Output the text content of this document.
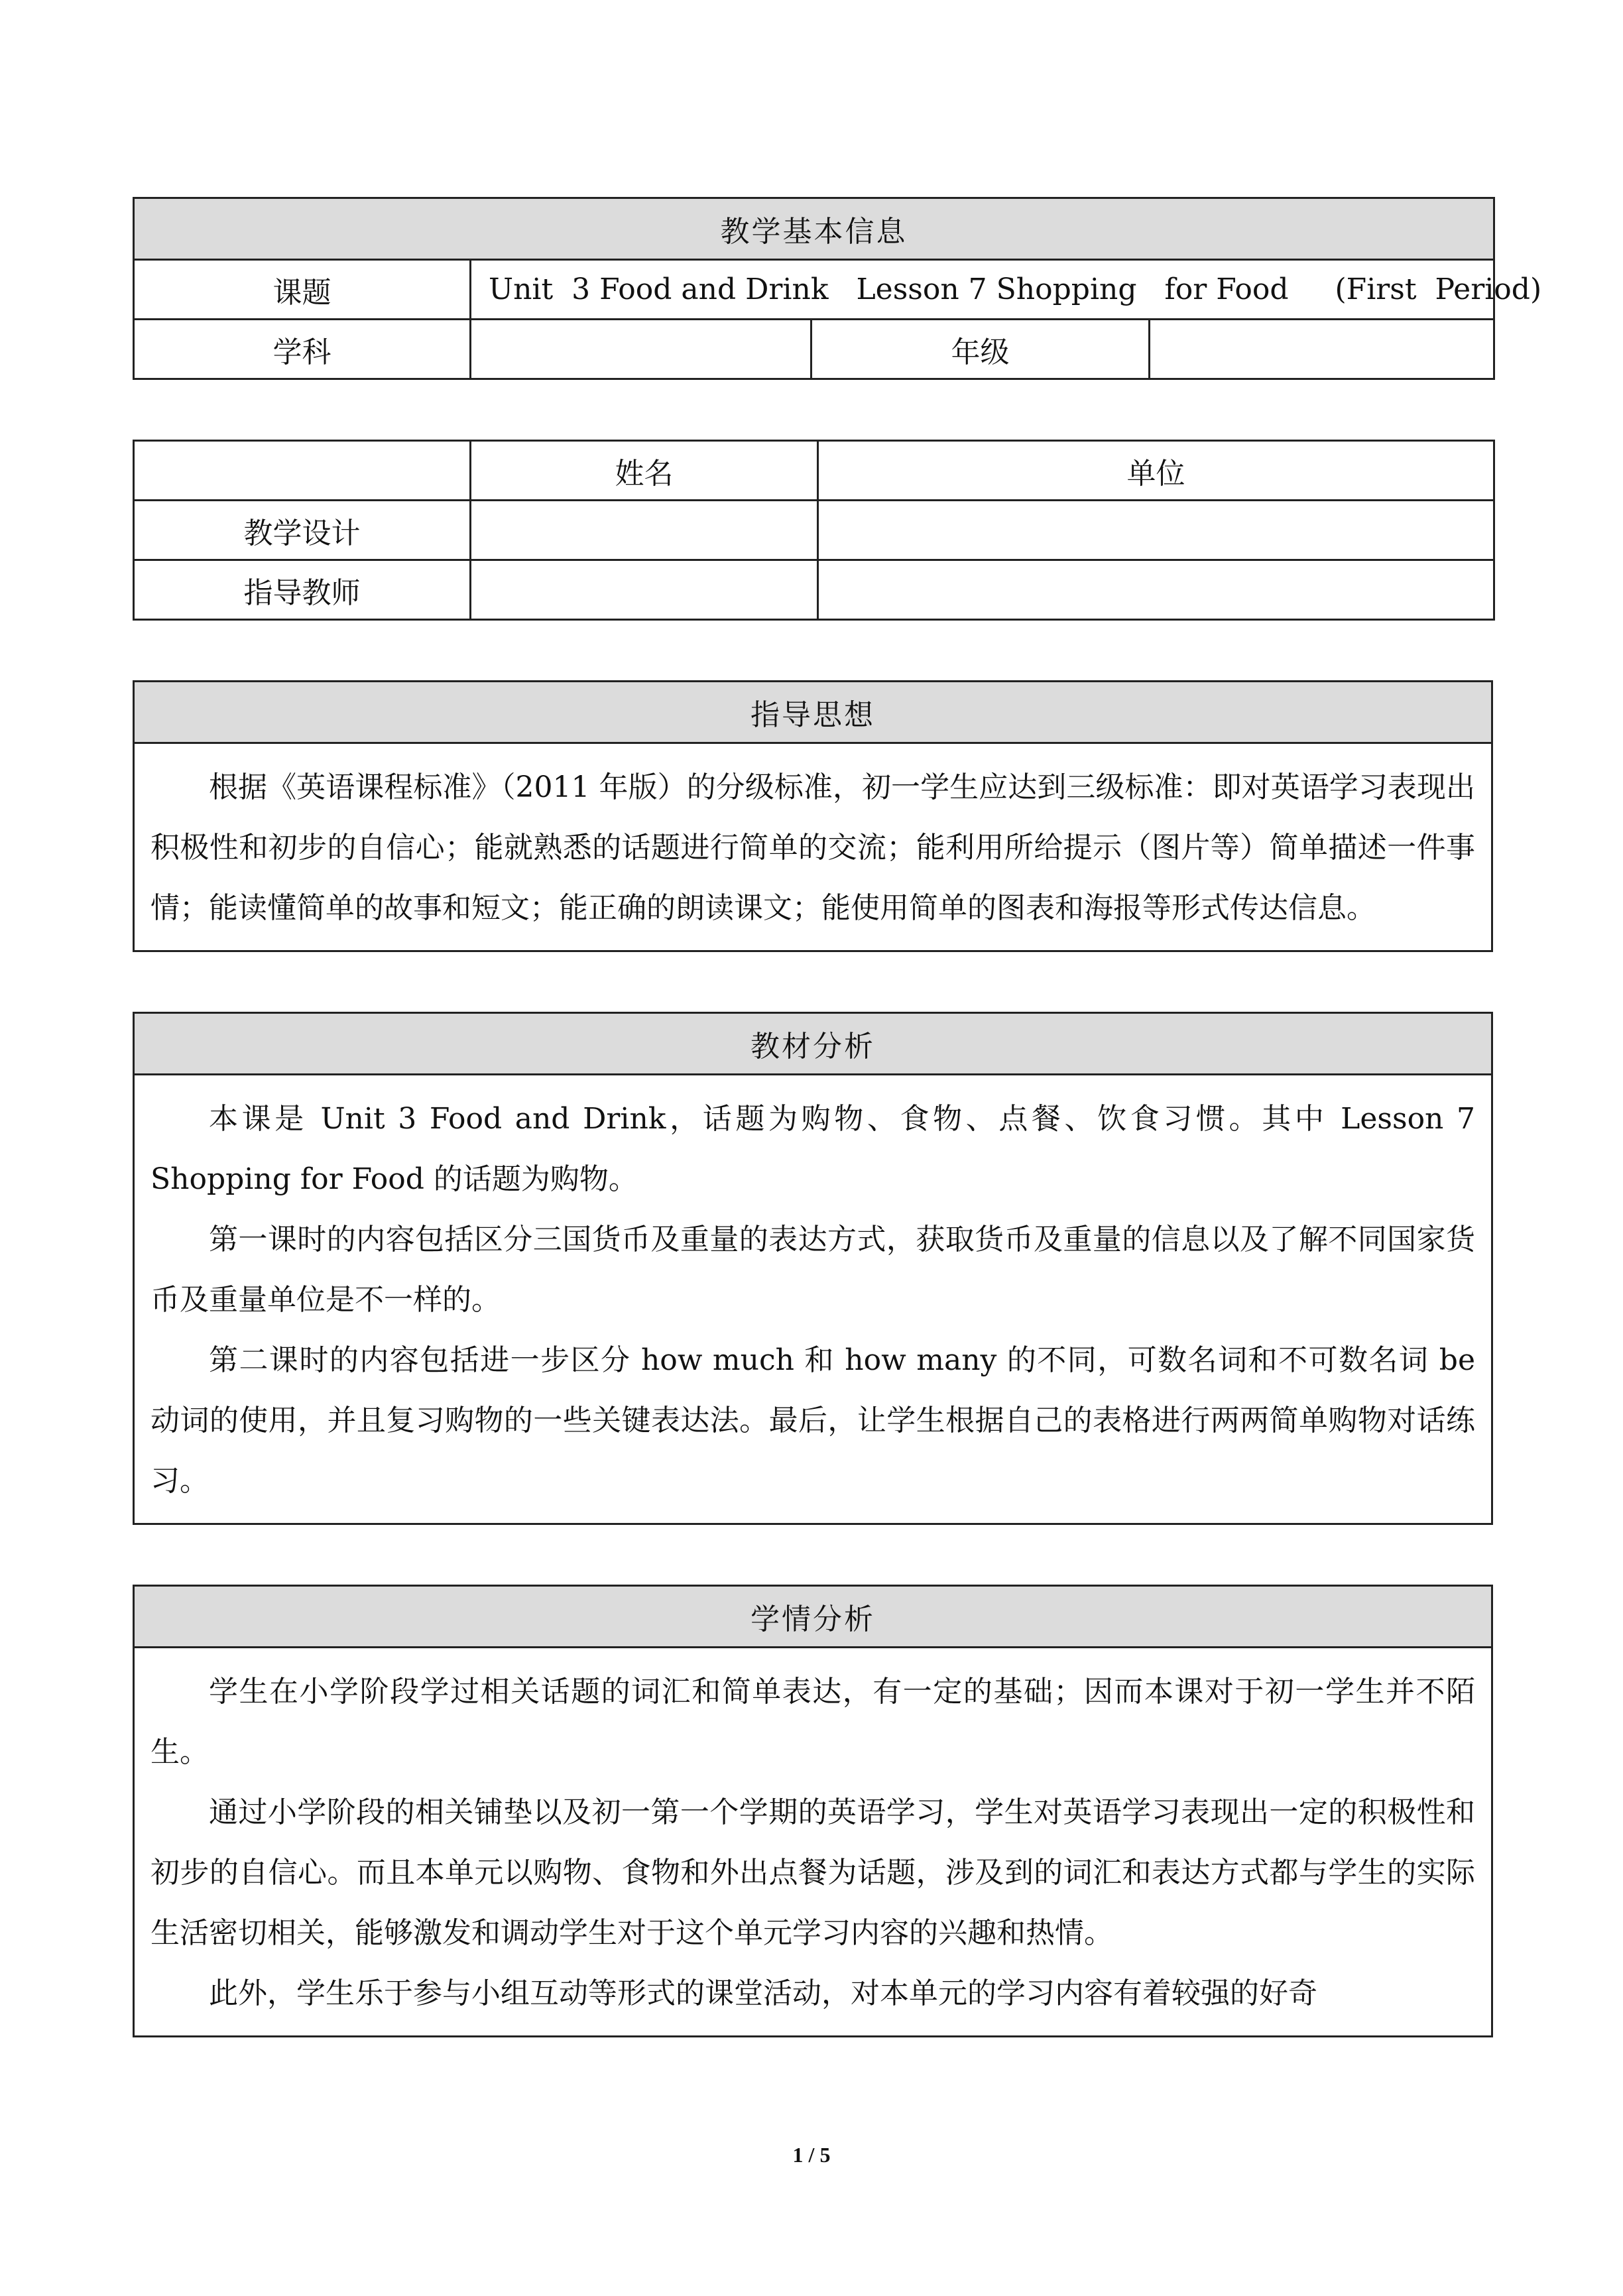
教学基本信息			
课题	Unit  3 Food and Drink   Lesson 7 Shopping   for Food     (First  Period)		
学科		年级	
	姓名	单位
教学设计		
指导教师		
指导思想

根据《英语课程标准》（2011 年版）的分级标准，初一学生应达到三级标准：即对英语学习表现出积极性和初步的自信心；能就熟悉的话题进行简单的交流；能利用所给提示（图片等）简单描述一件事情；能读懂简单的故事和短文；能正确的朗读课文；能使用简单的图表和海报等形式传达信息。

教材分析

本课是 Unit 3 Food and Drink，话题为购物、食物、点餐、饮食习惯。其中 Lesson 7 Shopping for Food 的话题为购物。

第一课时的内容包括区分三国货币及重量的表达方式，获取货币及重量的信息以及了解不同国家货币及重量单位是不一样的。

第二课时的内容包括进一步区分 how much 和 how many 的不同，可数名词和不可数名词 be 动词的使用，并且复习购物的一些关键表达法。最后，让学生根据自己的表格进行两两简单购物对话练习。

学情分析

学生在小学阶段学过相关话题的词汇和简单表达，有一定的基础；因而本课对于初一学生并不陌生。

通过小学阶段的相关铺垫以及初一第一个学期的英语学习，学生对英语学习表现出一定的积极性和初步的自信心。而且本单元以购物、食物和外出点餐为话题，涉及到的词汇和表达方式都与学生的实际生活密切相关，能够激发和调动学生对于这个单元学习内容的兴趣和热情。

此外，学生乐于参与小组互动等形式的课堂活动，对本单元的学习内容有着较强的好奇

1 / 5
